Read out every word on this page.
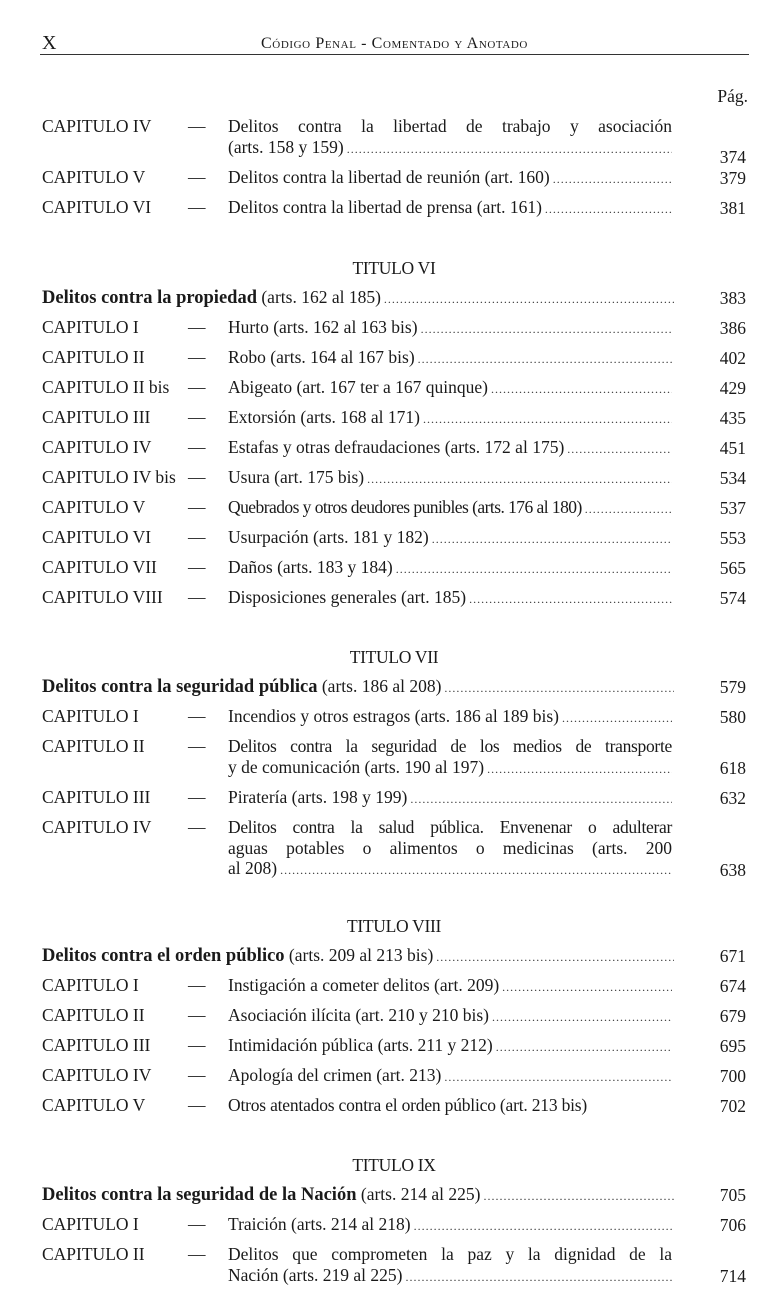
X	Código Penal - Comentado y Anotado
Pág.
CAPITULO IV — Delitos contra la libertad de trabajo y asociación
(arts. 158 y 159) .....	374
CAPITULO V — Delitos contra la libertad de reunión (art. 160) .....	379
CAPITULO VI — Delitos contra la libertad de prensa (art. 161) .....	381
TITULO VI
Delitos contra la propiedad (arts. 162 al 185) .....	383
CAPITULO I	— Hurto (arts. 162 al 163 bis) .....	386
CAPITULO II — Robo (arts. 164 al 167 bis) .....	402
CAPITULO II bis — Abigeato (art. 167 ter a 167 quinque) .....	429
CAPITULO III — Extorsión (arts. 168 al 171) .....	435
CAPITULO IV — Estafas y otras defraudaciones (arts. 172 al 175) .....	451
CAPITULO IV bis — Usura (art. 175 bis) .....	534
CAPITULO V — Quebrados y otros deudores punibles (arts. 176 al 180) .....	537
CAPITULO VI — Usurpación (arts. 181 y 182) .....	553
CAPITULO VII — Daños (arts. 183 y 184) .....	565
CAPITULO VIII — Disposiciones generales (art. 185) .....	574
TITULO VII
Delitos contra la seguridad pública (arts. 186 al 208) .....	579
CAPITULO I	— Incendios y otros estragos (arts. 186 al 189 bis) .....	580
CAPITULO II — Delitos contra la seguridad de los medios de transporte
y de comunicación (arts. 190 al 197) .....	618
CAPITULO III — Piratería (arts. 198 y 199) .....	632
CAPITULO IV — Delitos contra la salud pública. Envenenar o adulterar
aguas potables o alimentos o medicinas (arts. 200
al 208) .....	638
TITULO VIII
Delitos contra el orden público (arts. 209 al 213 bis) .....	671
CAPITULO I	— Instigación a cometer delitos (art. 209) .....	674
CAPITULO II — Asociación ilícita (art. 210 y 210 bis) .....	679
CAPITULO III — Intimidación pública (arts. 211 y 212) .....	695
CAPITULO IV — Apología del crimen (art. 213) .....	700
CAPITULO V — Otros atentados contra el orden público (art. 213 bis)	702
TITULO IX
Delitos contra la seguridad de la Nación (arts. 214 al 225) .....	705
CAPITULO I	— Traición (arts. 214 al 218) .....	706
CAPITULO II — Delitos que comprometen la paz y la dignidad de la
Nación (arts. 219 al 225) .....	714
